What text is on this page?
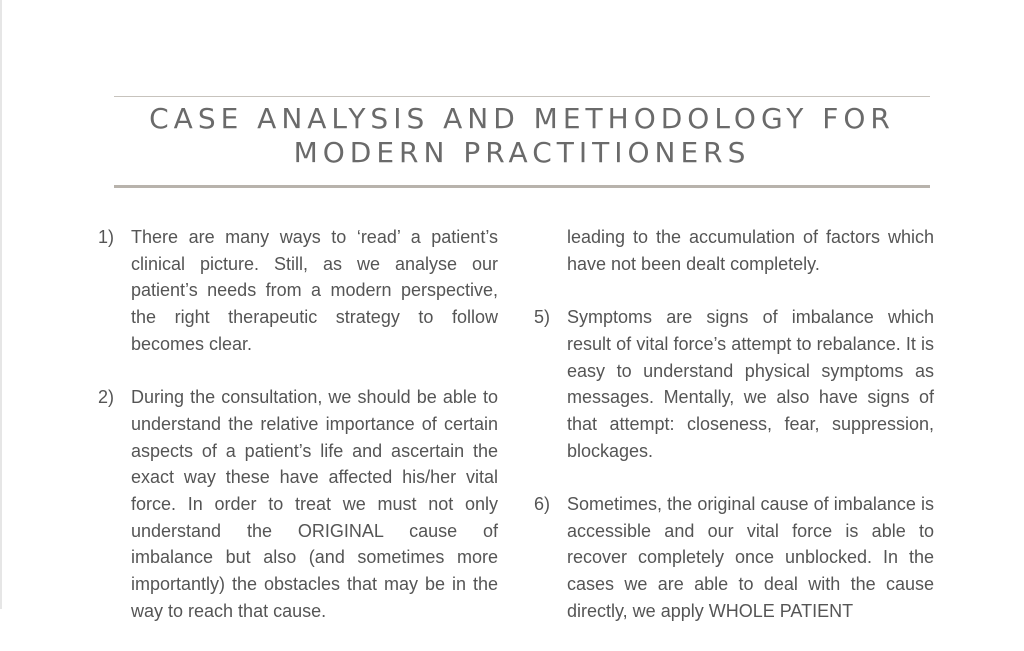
CASE ANALYSIS AND METHODOLOGY FOR
MODERN PRACTITIONERS

1) There are many ways to ‘read’ a patient’s clinical picture. Still, as we analyse our patient’s needs from a modern perspective, the right therapeutic strategy to follow becomes clear.

2) During the consultation, we should be able to understand the relative importance of certain aspects of a patient’s life and ascertain the exact way these have affected his/her vital force. In order to treat we must not only understand the ORIGINAL cause of imbalance but also (and sometimes more importantly) the obstacles that may be in the way to reach that cause.

leading to the accumulation of factors which have not been dealt completely.

5) Symptoms are signs of imbalance which result of vital force’s attempt to rebalance. It is easy to understand physical symptoms as messages. Mentally, we also have signs of that attempt: closeness, fear, suppression, blockages.

6) Sometimes, the original cause of imbalance is accessible and our vital force is able to recover completely once unblocked. In the cases we are able to deal with the cause directly, we apply WHOLE PATIENT
